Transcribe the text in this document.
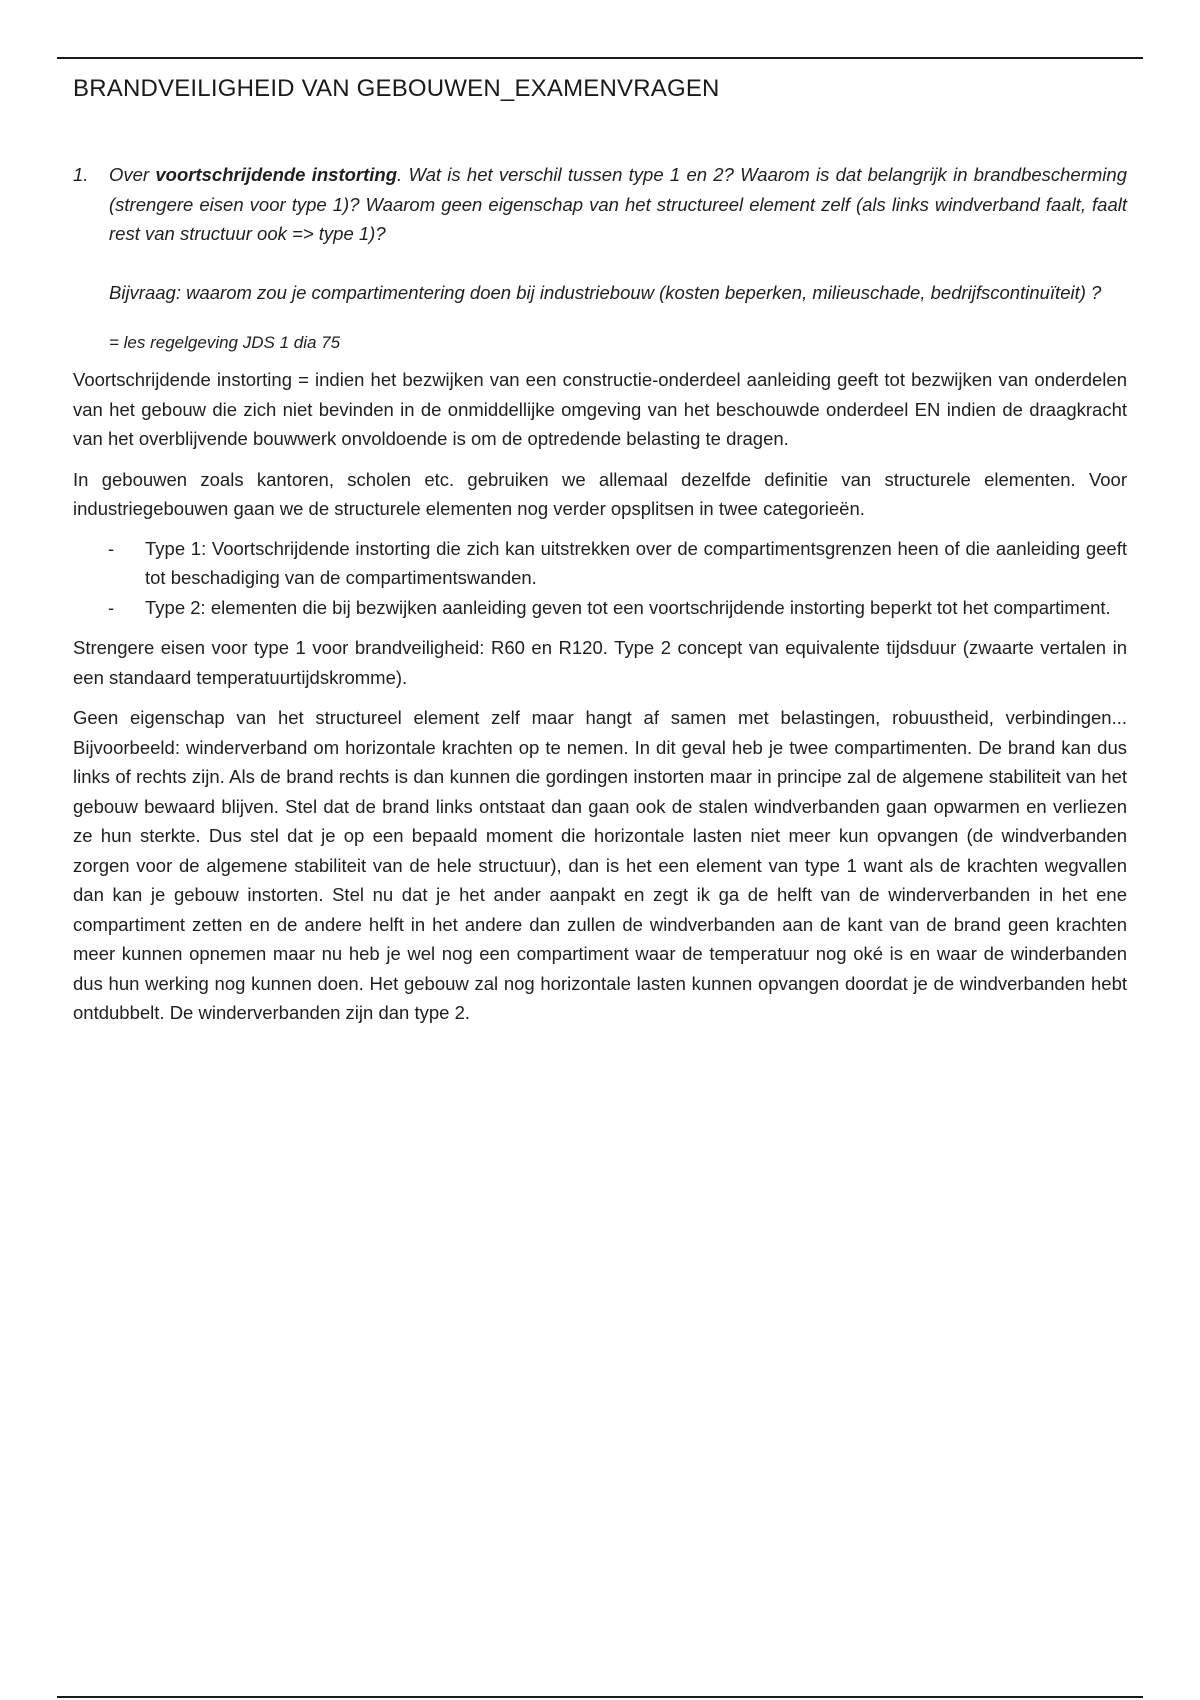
BRANDVEILIGHEID VAN GEBOUWEN_EXAMENVRAGEN
1. Over voortschrijdende instorting. Wat is het verschil tussen type 1 en 2? Waarom is dat belangrijk in brandbescherming (strengere eisen voor type 1)? Waarom geen eigenschap van het structureel element zelf (als links windverband faalt, faalt rest van structuur ook => type 1)?

Bijvraag: waarom zou je compartimentering doen bij industriebouw (kosten beperken, milieuschade, bedrijfscontinuïteit) ?

= les regelgeving JDS 1 dia 75

Voortschrijdende instorting = indien het bezwijken van een constructie-onderdeel aanleiding geeft tot bezwijken van onderdelen van het gebouw die zich niet bevinden in de onmiddellijke omgeving van het beschouwde onderdeel EN indien de draagkracht van het overblijvende bouwwerk onvoldoende is om de optredende belasting te dragen.

In gebouwen zoals kantoren, scholen etc. gebruiken we allemaal dezelfde definitie van structurele elementen. Voor industriegebouwen gaan we de structurele elementen nog verder opsplitsen in twee categorieën.

- Type 1: Voortschrijdende instorting die zich kan uitstrekken over de compartimentsgrenzen heen of die aanleiding geeft tot beschadiging van de compartimentswanden.
- Type 2: elementen die bij bezwijken aanleiding geven tot een voortschrijdende instorting beperkt tot het compartiment.

Strengere eisen voor type 1 voor brandveiligheid: R60 en R120. Type 2 concept van equivalente tijdsduur (zwaarte vertalen in een standaard temperatuurtijdskromme).

Geen eigenschap van het structureel element zelf maar hangt af samen met belastingen, robuustheid, verbindingen... Bijvoorbeeld: winderverband om horizontale krachten op te nemen. In dit geval heb je twee compartimenten. De brand kan dus links of rechts zijn. Als de brand rechts is dan kunnen die gordingen instorten maar in principe zal de algemene stabiliteit van het gebouw bewaard blijven. Stel dat de brand links ontstaat dan gaan ook de stalen windverbanden gaan opwarmen en verliezen ze hun sterkte. Dus stel dat je op een bepaald moment die horizontale lasten niet meer kun opvangen (de windverbanden zorgen voor de algemene stabiliteit van de hele structuur), dan is het een element van type 1 want als de krachten wegvallen dan kan je gebouw instorten. Stel nu dat je het ander aanpakt en zegt ik ga de helft van de winderverbanden in het ene compartiment zetten en de andere helft in het andere dan zullen de windverbanden aan de kant van de brand geen krachten meer kunnen opnemen maar nu heb je wel nog een compartiment waar de temperatuur nog oké is en waar de winderbanden dus hun werking nog kunnen doen. Het gebouw zal nog horizontale lasten kunnen opvangen doordat je de windverbanden hebt ontdubbelt. De winderverbanden zijn dan type 2.
